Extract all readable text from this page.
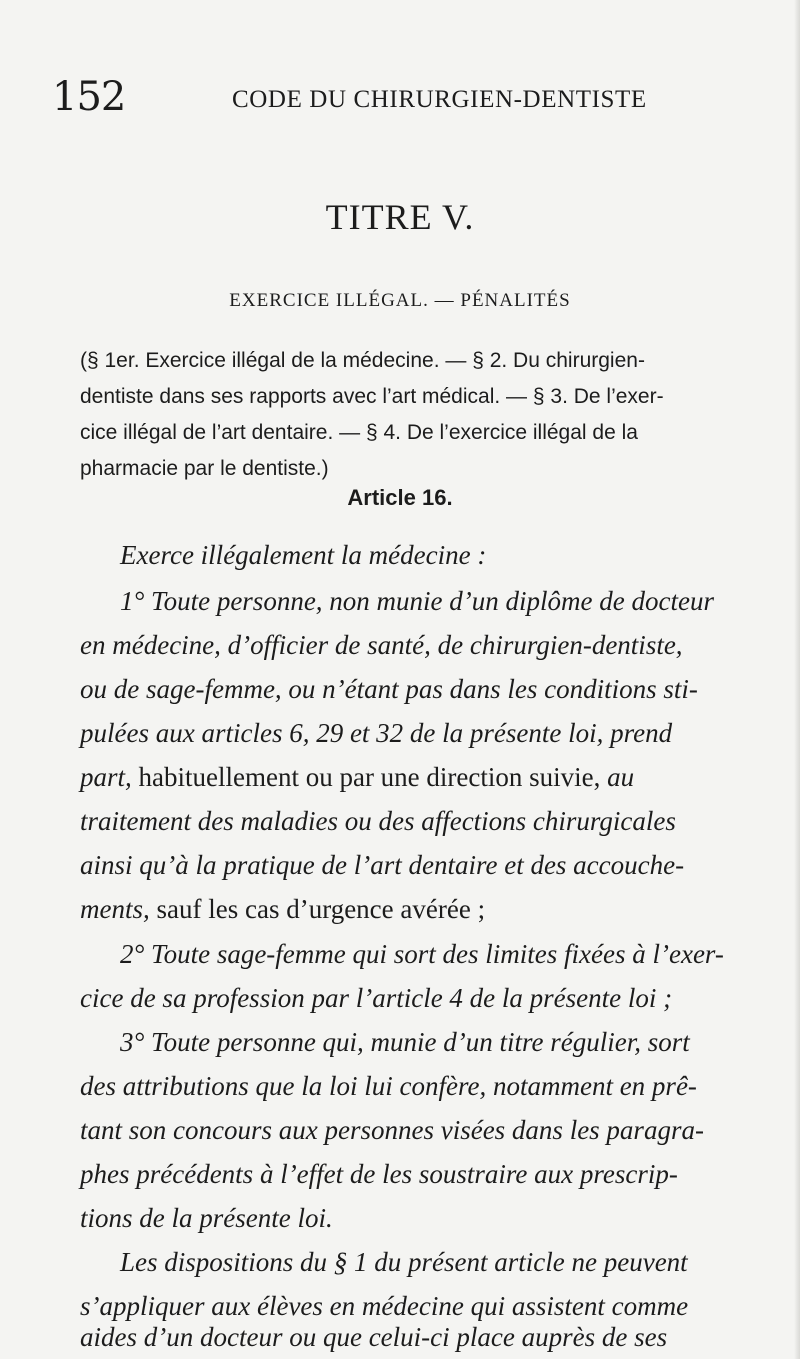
152	CODE DU CHIRURGIEN-DENTISTE
TITRE V.
EXERCICE ILLÉGAL. — PÉNALITÉS
(§ 1er. Exercice illégal de la médecine. — § 2. Du chirurgien-
dentiste dans ses rapports avec l’art médical. — § 3. De l’exer-
cice illégal de l’art dentaire. — § 4. De l’exercice illégal de la
pharmacie par le dentiste.)
Article 16.
Exerce illégalement la médecine :
1° Toute personne, non munie d’un diplôme de docteur
en médecine, d’officier de santé, de chirurgien-dentiste,
ou de sage-femme, ou n’étant pas dans les conditions sti-
pulées aux articles 6, 29 et 32 de la présente loi, prend
part, habituellement ou par une direction suivie, au
traitement des maladies ou des affections chirurgicales
ainsi qu’à la pratique de l’art dentaire et des accouche-
ments, sauf les cas d’urgence avérée ;
2° Toute sage-femme qui sort des limites fixées à l’exer-
cice de sa profession par l’article 4 de la présente loi ;
3° Toute personne qui, munie d’un titre régulier, sort
des attributions que la loi lui confère, notamment en prê-
tant son concours aux personnes visées dans les paragra-
phes précédents à l’effet de les soustraire aux prescrip-
tions de la présente loi.
Les dispositions du § 1 du présent article ne peuvent
s’appliquer aux élèves en médecine qui assistent comme
aides d’un docteur ou que celui-ci place auprès de ses
